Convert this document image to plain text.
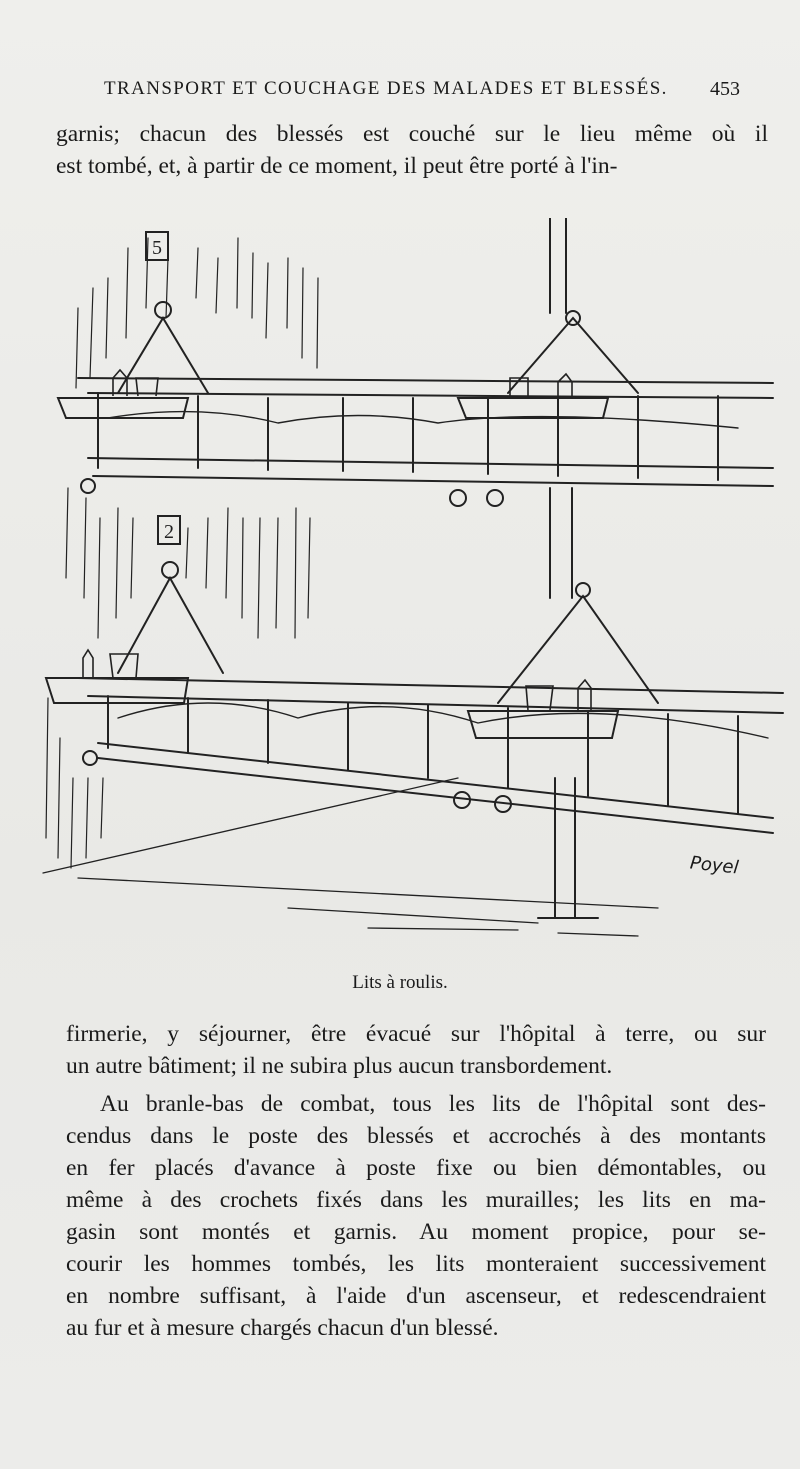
TRANSPORT ET COUCHAGE DES MALADES ET BLESSÉS. 453
garnis; chacun des blessés est couché sur le lieu même où il
est tombé, et, à partir de ce moment, il peut être porté à l'in-
5
2
Poyel
Lits à roulis.
firmerie, y séjourner, être évacué sur l'hôpital à terre, ou sur
un autre bâtiment; il ne subira plus aucun transbordement.
Au branle-bas de combat, tous les lits de l'hôpital sont des-
cendus dans le poste des blessés et accrochés à des montants
en fer placés d'avance à poste fixe ou bien démontables, ou
même à des crochets fixés dans les murailles; les lits en ma-
gasin sont montés et garnis. Au moment propice, pour se-
courir les hommes tombés, les lits monteraient successivement
en nombre suffisant, à l'aide d'un ascenseur, et redescendraient
au fur et à mesure chargés chacun d'un blessé.
